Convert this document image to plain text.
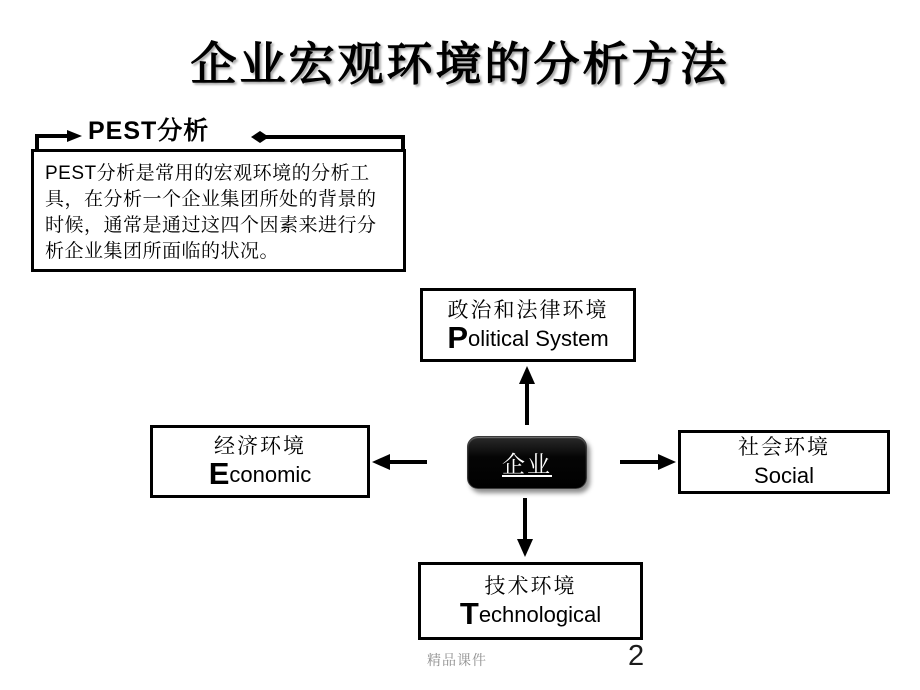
企业宏观环境的分析方法
PEST分析
PEST分析是常用的宏观环境的分析工具，在分析一个企业集团所处的背景的时候，通常是通过这四个因素来进行分析企业集团所面临的状况。
政治和法律环境
Political System
经济环境
Economic
社会环境
Social
技术环境
Technological
企业
精品课件	2
